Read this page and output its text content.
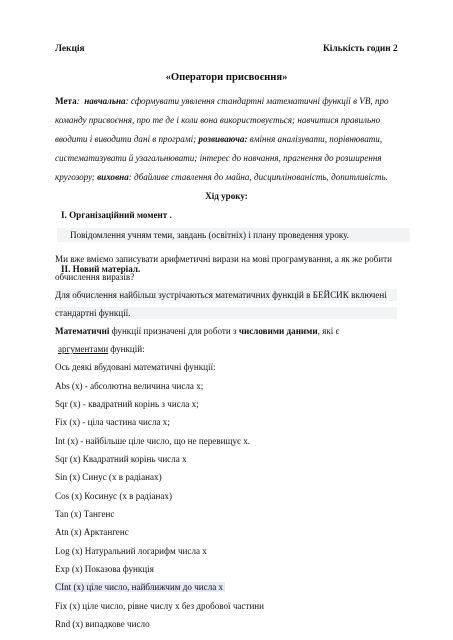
Лекція	Кількість годин 2
«Оператори присвоєння»
Мета:  навчальна: сформувати уявлення стандартні математичні функції в VB, про
команду присвоєння, про те де і коли вона використовується; навчитися правильно
вводити і виводити дані в програмі; розвиваюча: вміння аналізувати, порівнювати,
систематизувати й узагальнювати; інтерес до навчання, прагнення до розширення
кругозору; виховна: дбайливе ставлення до майна, дисциплінованість, допитливість.
Хід уроку:
І. Організаційний момент .
Повідомлення учням теми, завдань (освітніх) і плану проведення уроку.
ІІ. Новий матеріал.
Ми вже вміємо записувати арифметичні вирази на мові програмування, а як же робити
обчислення виразів?
Для обчислення найбільш зустрічаються математичних функцій в БЕЙСИК включені
стандартні функції.
Математичні функції призначені для роботи з числовими даними, які є
аргументами функцій:
Ось деякі вбудовані математичні функції:
Abs (x) - абсолютна величина числа x;
Sqr (x) - квадратний корінь з числа x;
Fix (x) - ціла частина числа x;
Int (x) - найбільше ціле число, що не перевищує x.
Sqr (x) Квадратний корінь числа x
Sin (x) Синус (x в радіанах)
Cos (x) Косинус (x в радіанах)
Tan (x) Тангенс
Atn (x) Арктангенс
Log (x) Натуральний логарифм числа x
Exp (x) Показова функція
CInt (x) ціле число, найближчим до числа x
Fix (x) ціле число, рівне числу x без дробової частини
Rnd (x) випадкове число
